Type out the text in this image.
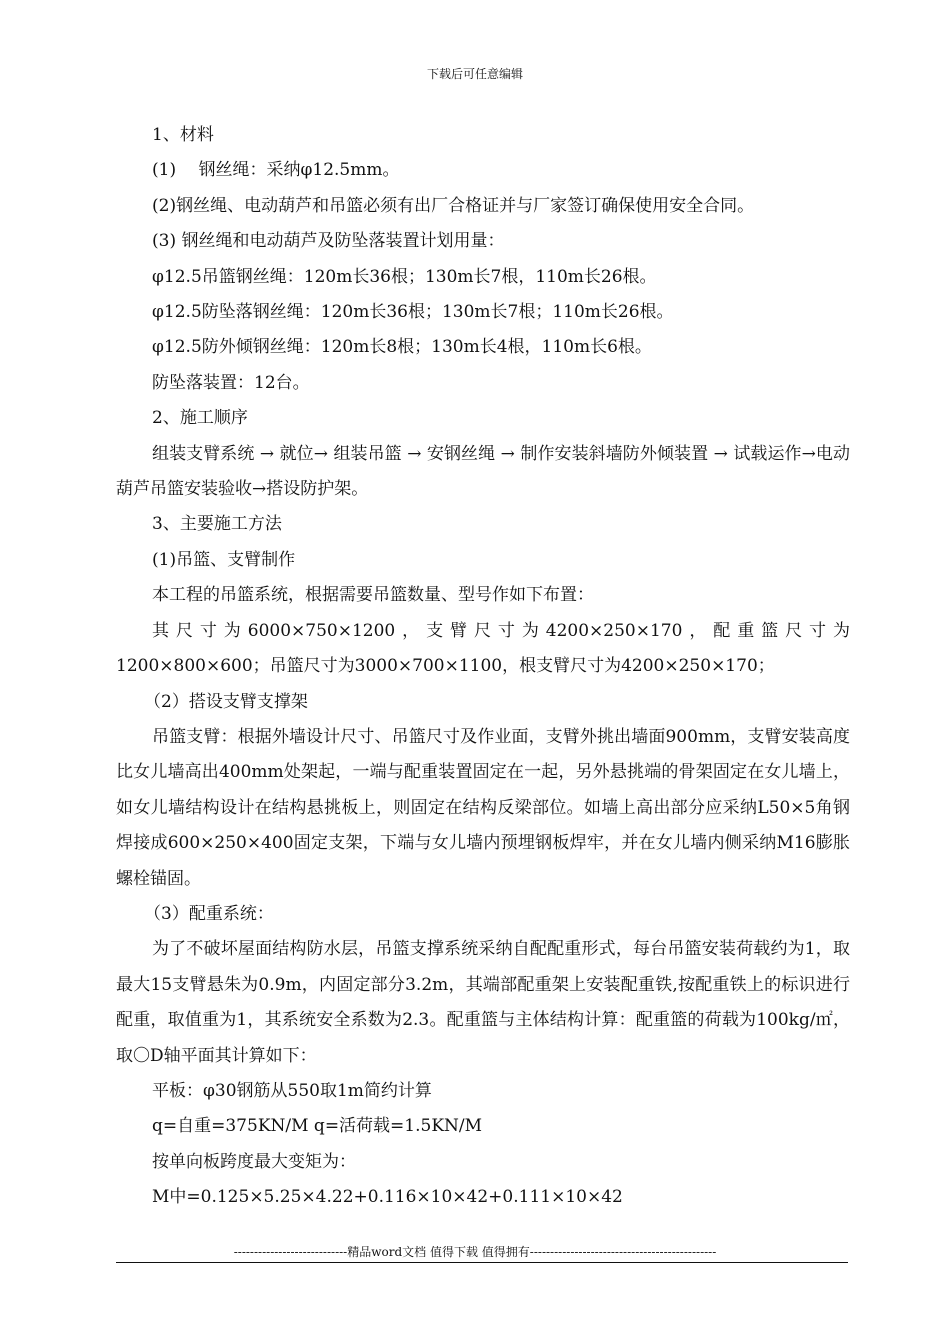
下载后可任意编辑

1、材料

(1)　 钢丝绳：采纳φ12.5mm。

(2)钢丝绳、电动葫芦和吊篮必须有出厂合格证并与厂家签订确保使用安全合同。

(3) 钢丝绳和电动葫芦及防坠落装置计划用量：

φ12.5吊篮钢丝绳：120m长36根；130m长7根，110m长26根。

φ12.5防坠落钢丝绳：120m长36根；130m长7根；110m长26根。

φ12.5防外倾钢丝绳：120m长8根；130m长4根，110m长6根。

防坠落装置：12台。

2、施工顺序

组装支臂系统 → 就位→ 组装吊篮 → 安钢丝绳 → 制作安装斜墙防外倾装置 → 试载运作→电动葫芦吊篮安装验收→搭设防护架。

3、主要施工方法

(1)吊篮、支臂制作

本工程的吊篮系统，根据需要吊篮数量、型号作如下布置：

其尺寸为6000×750×1200，支臂尺寸为4200×250×170，配重篮尺寸为1200×800×600；吊篮尺寸为3000×700×1100，根支臂尺寸为4200×250×170；

（2）搭设支臂支撑架

吊篮支臂：根据外墙设计尺寸、吊篮尺寸及作业面，支臂外挑出墙面900mm，支臂安装高度比女儿墙高出400mm处架起，一端与配重装置固定在一起，另外悬挑端的骨架固定在女儿墙上，如女儿墙结构设计在结构悬挑板上，则固定在结构反梁部位。如墙上高出部分应采纳L50×5角钢焊接成600×250×400固定支架，下端与女儿墙内预埋钢板焊牢，并在女儿墙内侧采纳M16膨胀螺栓锚固。

（3）配重系统：

为了不破坏屋面结构防水层，吊篮支撑系统采纳自配配重形式，每台吊篮安装荷载约为1，取最大15支臂悬朱为0.9m，内固定部分3.2m，其端部配重架上安装配重铁,按配重铁上的标识进行配重，取值重为1，其系统安全系数为2.3。配重篮与主体结构计算：配重篮的荷载为100kg/㎡，取〇D轴平面其计算如下：

平板：φ30钢筋从550取1m简约计算

q=自重=375KN/M q=活荷载=1.5KN/M

按单向板跨度最大变矩为：

M中=0.125×5.25×4.22+0.116×10×42+0.111×10×42

----------------------------精品word文档 值得下载 值得拥有----------------------------------------------
